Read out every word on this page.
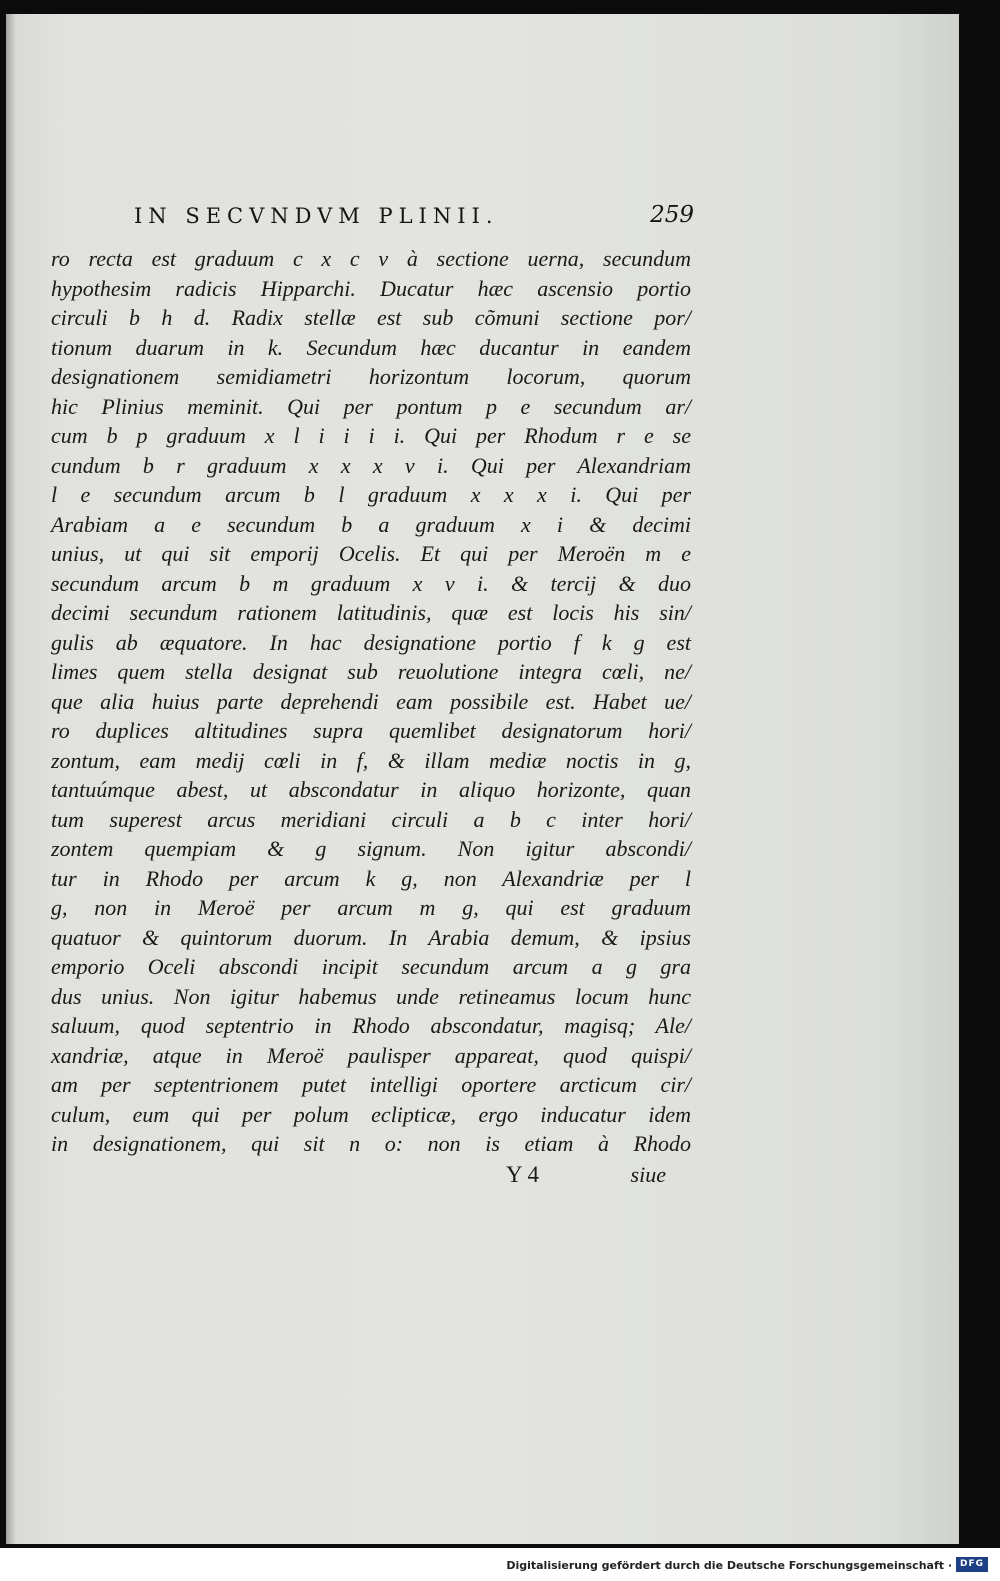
IN SECVNDVM PLINII.	259
ro recta est graduum c x c v à sectione uerna, secundum
hypothesim radicis Hipparchi. Ducatur hæc ascensio portio
circuli b h d. Radix stellæ est sub cõmuni sectione por/
tionum duarum in k. Secundum hæc ducantur in eandem
designationem semidiametri horizontum locorum, quorum
hic Plinius meminit. Qui per pontum p e secundum ar/
cum b p graduum x l i i i i. Qui per Rhodum r e se
cundum b r graduum x x x v i. Qui per Alexandriam
l e secundum arcum b l graduum x x x i. Qui per
Arabiam a e secundum b a graduum x i & decimi
unius, ut qui sit emporij Ocelis. Et qui per Meroën m e
secundum arcum b m graduum x v i. & tercij & duo
decimi secundum rationem latitudinis, quæ est locis his sin/
gulis ab æquatore. In hac designatione portio f k g est
limes quem stella designat sub reuolutione integra cœli, ne/
que alia huius parte deprehendi eam possibile est. Habet ue/
ro duplices altitudines supra quemlibet designatorum hori/
zontum, eam medij cœli in f, & illam mediæ noctis in g,
tantuúmque abest, ut abscondatur in aliquo horizonte, quan
tum superest arcus meridiani circuli a b c inter hori/
zontem quempiam & g signum. Non igitur abscondi/
tur in Rhodo per arcum k g, non Alexandriæ per l
g, non in Meroë per arcum m g, qui est graduum
quatuor & quintorum duorum. In Arabia demum, & ipsius
emporio Oceli abscondi incipit secundum arcum a g gra
dus unius. Non igitur habemus unde retineamus locum hunc
saluum, quod septentrio in Rhodo abscondatur, magisq; Ale/
xandriæ, atque in Meroë paulisper appareat, quod quispi/
am per septentrionem putet intelligi oportere arcticum cir/
culum, eum qui per polum eclipticæ, ergo inducatur idem
in designationem, qui sit n o: non is etiam à Rhodo
Y 4	siue
Digitalisierung gefördert durch die Deutsche Forschungsgemeinschaft · DFG
